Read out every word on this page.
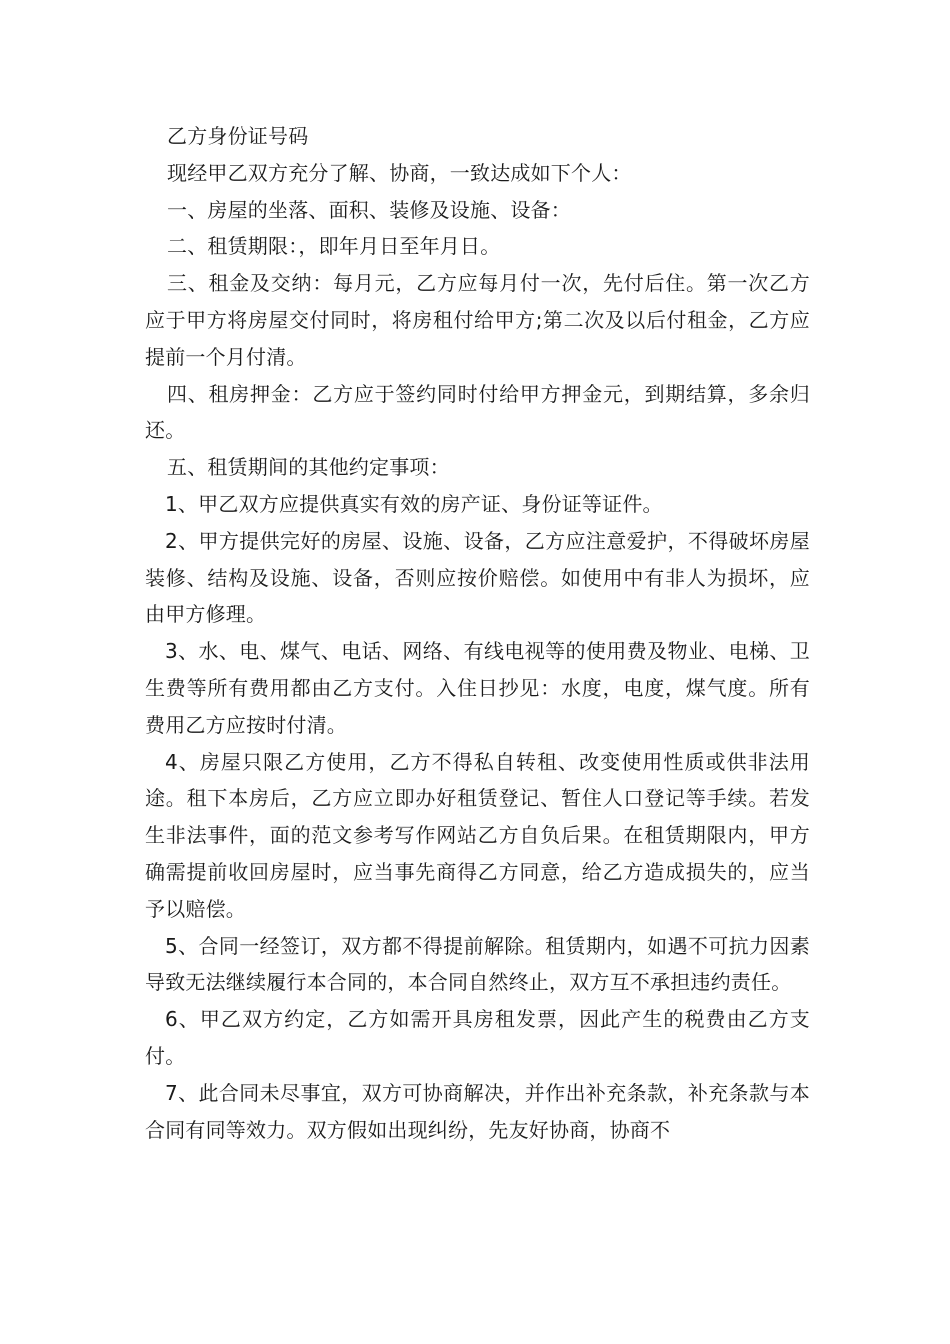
乙方身份证号码

现经甲乙双方充分了解、协商，一致达成如下个人：

一、房屋的坐落、面积、装修及设施、设备：

二、租赁期限：，即年月日至年月日。

三、租金及交纳：每月元，乙方应每月付一次，先付后住。第一次乙方应于甲方将房屋交付同时，将房租付给甲方;第二次及以后付租金，乙方应提前一个月付清。

四、租房押金：乙方应于签约同时付给甲方押金元，到期结算，多余归还。

五、租赁期间的其他约定事项：

1、甲乙双方应提供真实有效的房产证、身份证等证件。

2、甲方提供完好的房屋、设施、设备，乙方应注意爱护，不得破坏房屋装修、结构及设施、设备，否则应按价赔偿。如使用中有非人为损坏，应由甲方修理。

3、水、电、煤气、电话、网络、有线电视等的使用费及物业、电梯、卫生费等所有费用都由乙方支付。入住日抄见：水度，电度，煤气度。所有费用乙方应按时付清。

4、房屋只限乙方使用，乙方不得私自转租、改变使用性质或供非法用途。租下本房后，乙方应立即办好租赁登记、暂住人口登记等手续。若发生非法事件，面的范文参考写作网站乙方自负后果。在租赁期限内，甲方确需提前收回房屋时，应当事先商得乙方同意，给乙方造成损失的，应当予以赔偿。

5、合同一经签订，双方都不得提前解除。租赁期内，如遇不可抗力因素导致无法继续履行本合同的，本合同自然终止，双方互不承担违约责任。

6、甲乙双方约定，乙方如需开具房租发票，因此产生的税费由乙方支付。

7、此合同未尽事宜，双方可协商解决，并作出补充条款，补充条款与本合同有同等效力。双方假如出现纠纷，先友好协商，协商不
